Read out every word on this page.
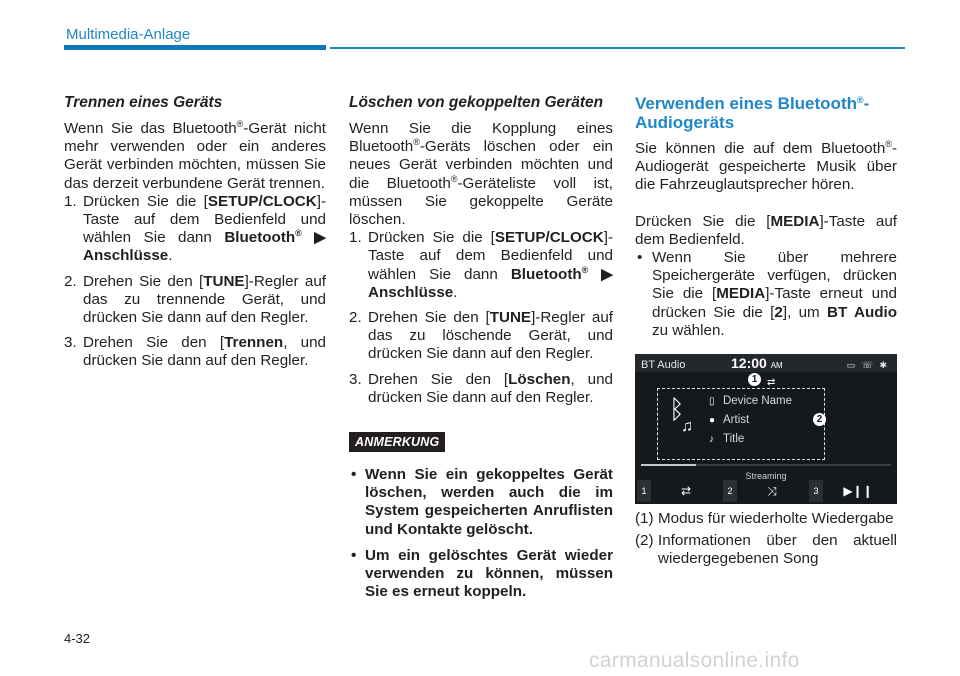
Multimedia-Anlage
Trennen eines Geräts

Wenn Sie das Bluetooth®-Gerät nicht mehr verwenden oder ein anderes Gerät verbinden möchten, müssen Sie das derzeit verbundene Gerät trennen.

1. Drücken Sie die [SETUP/CLOCK]-Taste auf dem Bedienfeld und wählen Sie dann Bluetooth® ▶ Anschlüsse.
2. Drehen Sie den [TUNE]-Regler auf das zu trennende Gerät, und drücken Sie dann auf den Regler.
3. Drehen Sie den [Trennen, und drücken Sie dann auf den Regler.
Löschen von gekoppelten Geräten

Wenn Sie die Kopplung eines Bluetooth®-Geräts löschen oder ein neues Gerät verbinden möchten und die Bluetooth®-Geräteliste voll ist, müssen Sie gekoppelte Geräte löschen.

1. Drücken Sie die [SETUP/CLOCK]-Taste auf dem Bedienfeld und wählen Sie dann Bluetooth® ▶ Anschlüsse.
2. Drehen Sie den [TUNE]-Regler auf das zu löschende Gerät, und drücken Sie dann auf den Regler.
3. Drehen Sie den [Löschen, und drücken Sie dann auf den Regler.
ANMERKUNG
• Wenn Sie ein gekoppeltes Gerät löschen, werden auch die im System gespeicherten Anruflisten und Kontakte gelöscht.
• Um ein gelöschtes Gerät wieder verwenden zu können, müssen Sie es erneut koppeln.
Verwenden eines Bluetooth®-Audiogeräts

Sie können die auf dem Bluetooth®-Audiogerät gespeicherte Musik über die Fahrzeuglautsprecher hören.

Drücken Sie die [MEDIA]-Taste auf dem Bedienfeld.

• Wenn Sie über mehrere Speichergeräte verfügen, drücken Sie die [MEDIA]-Taste erneut und drücken Sie die [2], um BT Audio zu wählen.
BT Audio	12:00 AM	▭ ☏ ✱
1 ⇄
ᛒ
♫
▯ Device Name
● Artist
♪ Title
2
Streaming
1	⇄	2	⤨	3	▶❙❙
(1) Modus für wiederholte Wiedergabe
(2) Informationen über den aktuell wiedergegebenen Song
4-32
carmanualsonline.info
